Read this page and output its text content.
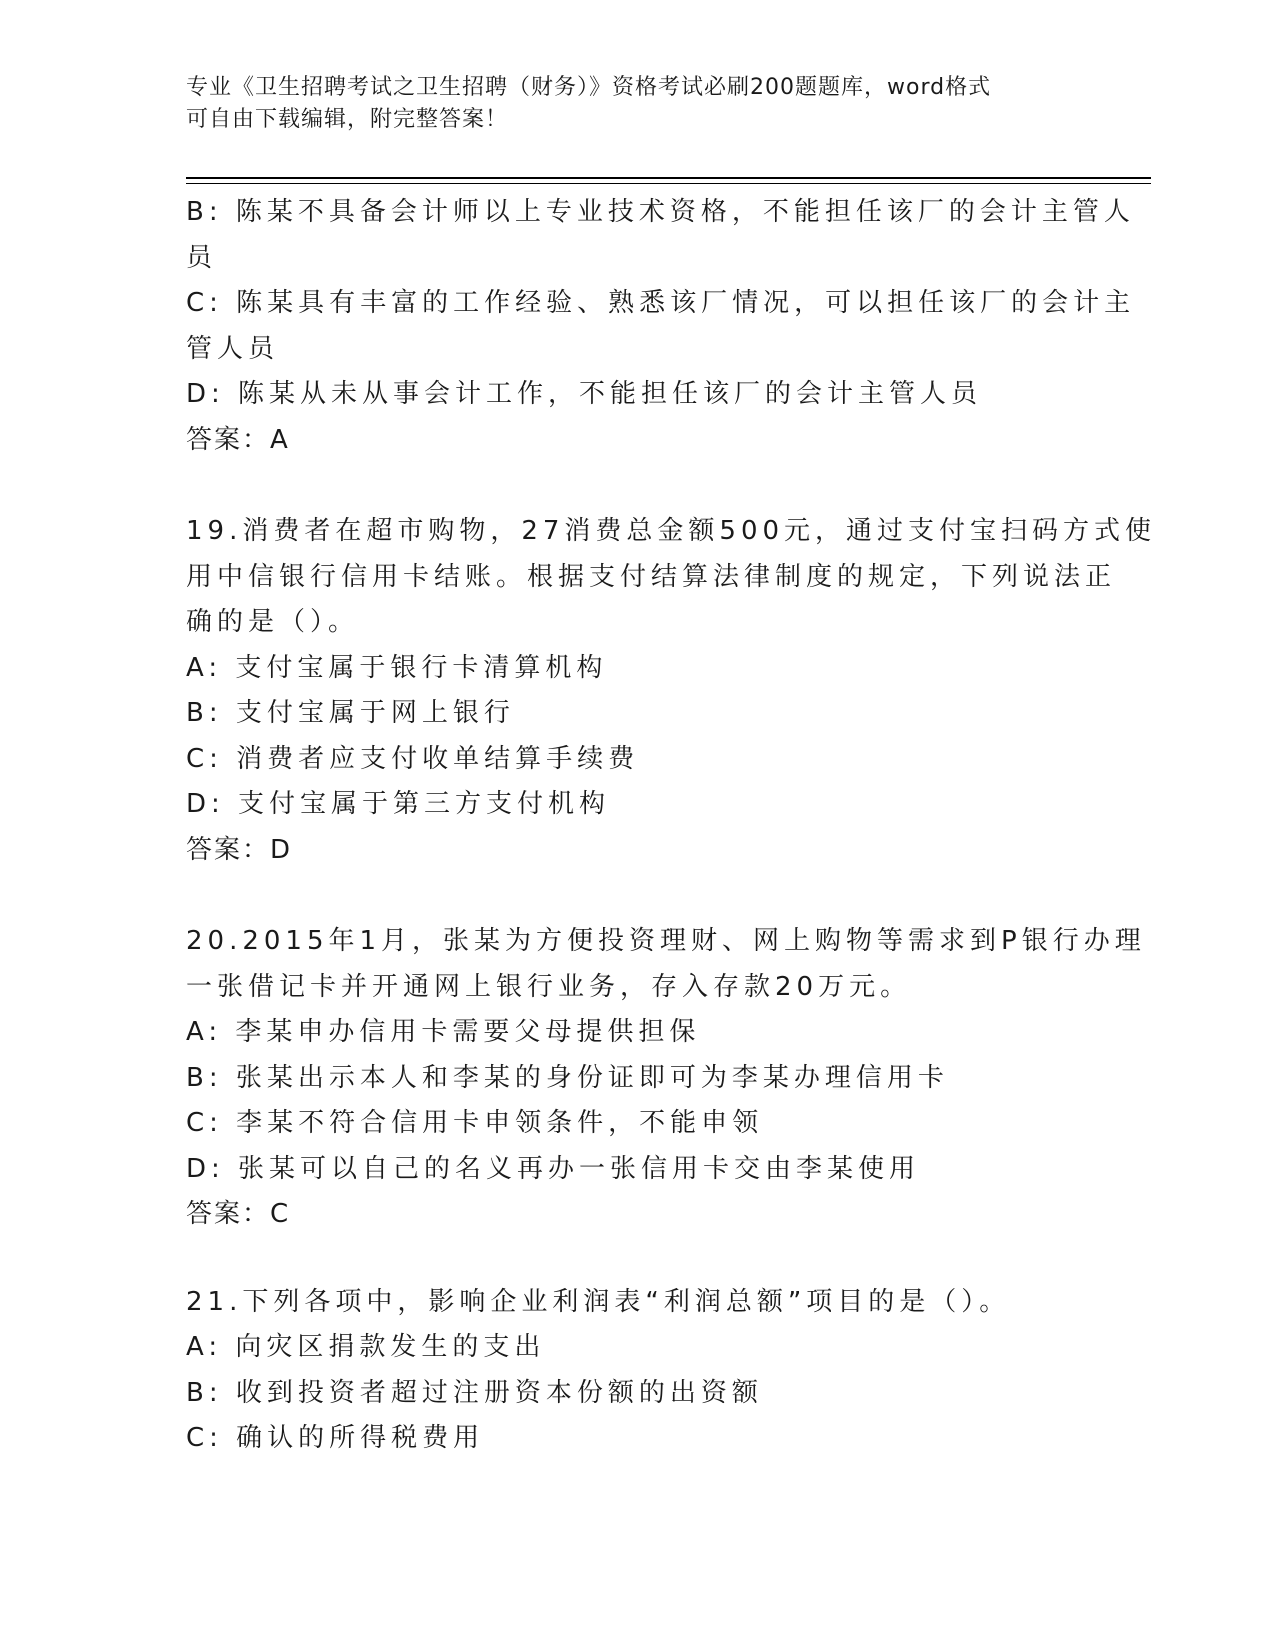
专业《卫生招聘考试之卫生招聘（财务）》资格考试必刷200题题库，word格式
可自由下载编辑，附完整答案！
B: 陈某不具备会计师以上专业技术资格，不能担任该厂的会计主管人
员
C: 陈某具有丰富的工作经验、熟悉该厂情况，可以担任该厂的会计主
管人员
D: 陈某从未从事会计工作，不能担任该厂的会计主管人员
答案：A
19.消费者在超市购物，27消费总金额500元，通过支付宝扫码方式使
用中信银行信用卡结账。根据支付结算法律制度的规定，下列说法正
确的是（）。
A: 支付宝属于银行卡清算机构
B: 支付宝属于网上银行
C: 消费者应支付收单结算手续费
D: 支付宝属于第三方支付机构
答案：D
20.2015年1月，张某为方便投资理财、网上购物等需求到P银行办理
一张借记卡并开通网上银行业务，存入存款20万元。
A: 李某申办信用卡需要父母提供担保
B: 张某出示本人和李某的身份证即可为李某办理信用卡
C: 李某不符合信用卡申领条件，不能申领
D: 张某可以自己的名义再办一张信用卡交由李某使用
答案：C
21.下列各项中，影响企业利润表“利润总额”项目的是（）。
A: 向灾区捐款发生的支出
B: 收到投资者超过注册资本份额的出资额
C: 确认的所得税费用
